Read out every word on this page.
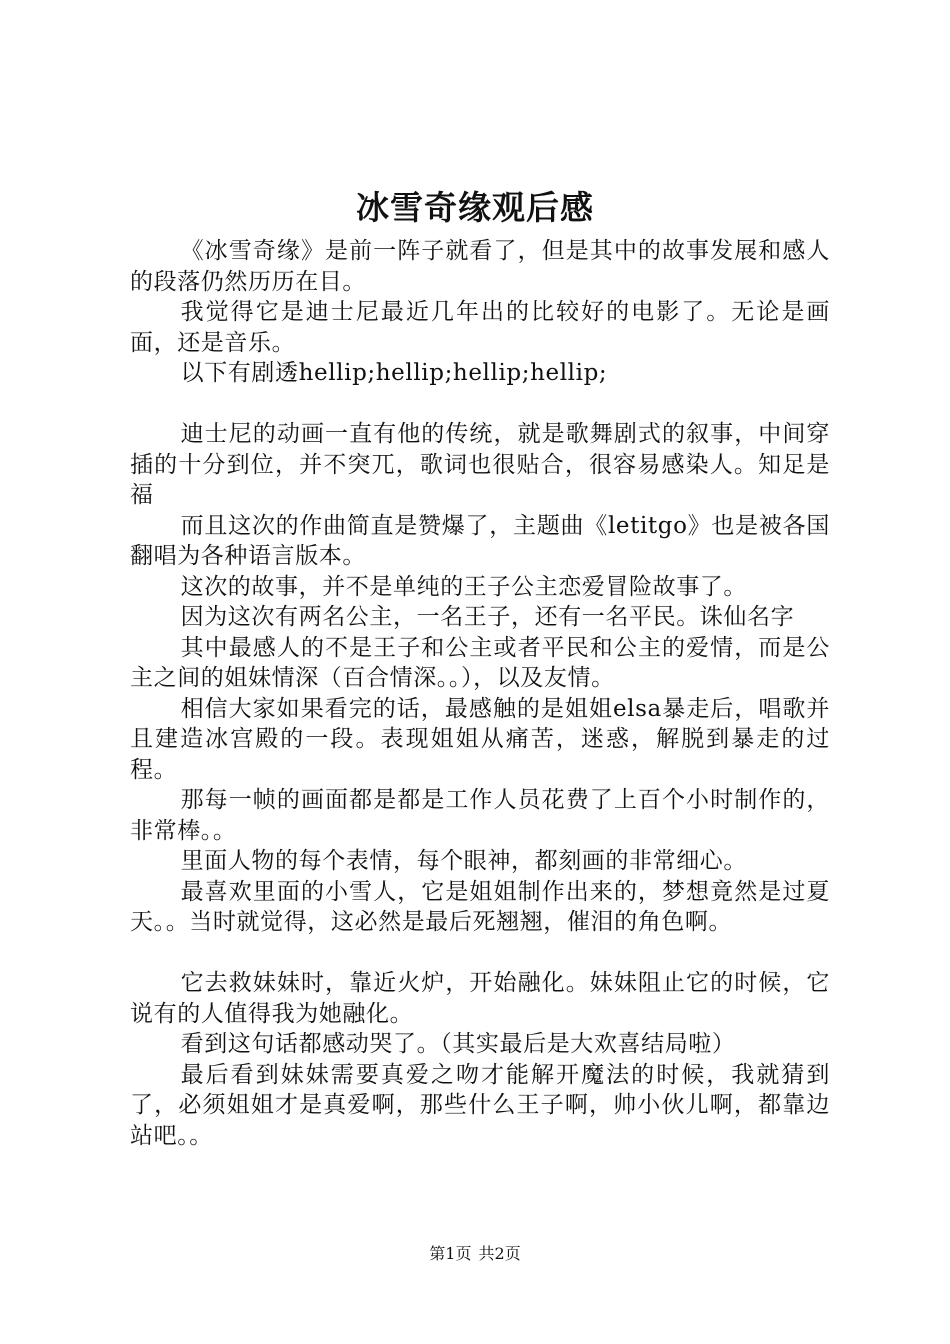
冰雪奇缘观后感

《冰雪奇缘》是前一阵子就看了，但是其中的故事发展和感人的段落仍然历历在目。

我觉得它是迪士尼最近几年出的比较好的电影了。无论是画面，还是音乐。

以下有剧透hellip;hellip;hellip;hellip;

迪士尼的动画一直有他的传统，就是歌舞剧式的叙事，中间穿插的十分到位，并不突兀，歌词也很贴合，很容易感染人。知足是福

而且这次的作曲简直是赞爆了，主题曲《letitgo》也是被各国翻唱为各种语言版本。

这次的故事，并不是单纯的王子公主恋爱冒险故事了。

因为这次有两名公主，一名王子，还有一名平民。诛仙名字

其中最感人的不是王子和公主或者平民和公主的爱情，而是公主之间的姐妹情深（百合情深。。），以及友情。

相信大家如果看完的话，最感触的是姐姐elsa暴走后，唱歌并且建造冰宫殿的一段。表现姐姐从痛苦，迷惑，解脱到暴走的过程。

那每一帧的画面都是都是工作人员花费了上百个小时制作的，非常棒。。

里面人物的每个表情，每个眼神，都刻画的非常细心。

最喜欢里面的小雪人，它是姐姐制作出来的，梦想竟然是过夏天。。当时就觉得，这必然是最后死翘翘，催泪的角色啊。

它去救妹妹时，靠近火炉，开始融化。妹妹阻止它的时候，它说有的人值得我为她融化。

看到这句话都感动哭了。（其实最后是大欢喜结局啦）

最后看到妹妹需要真爱之吻才能解开魔法的时候，我就猜到了，必须姐姐才是真爱啊，那些什么王子啊，帅小伙儿啊，都靠边站吧。。

第1页 共2页
